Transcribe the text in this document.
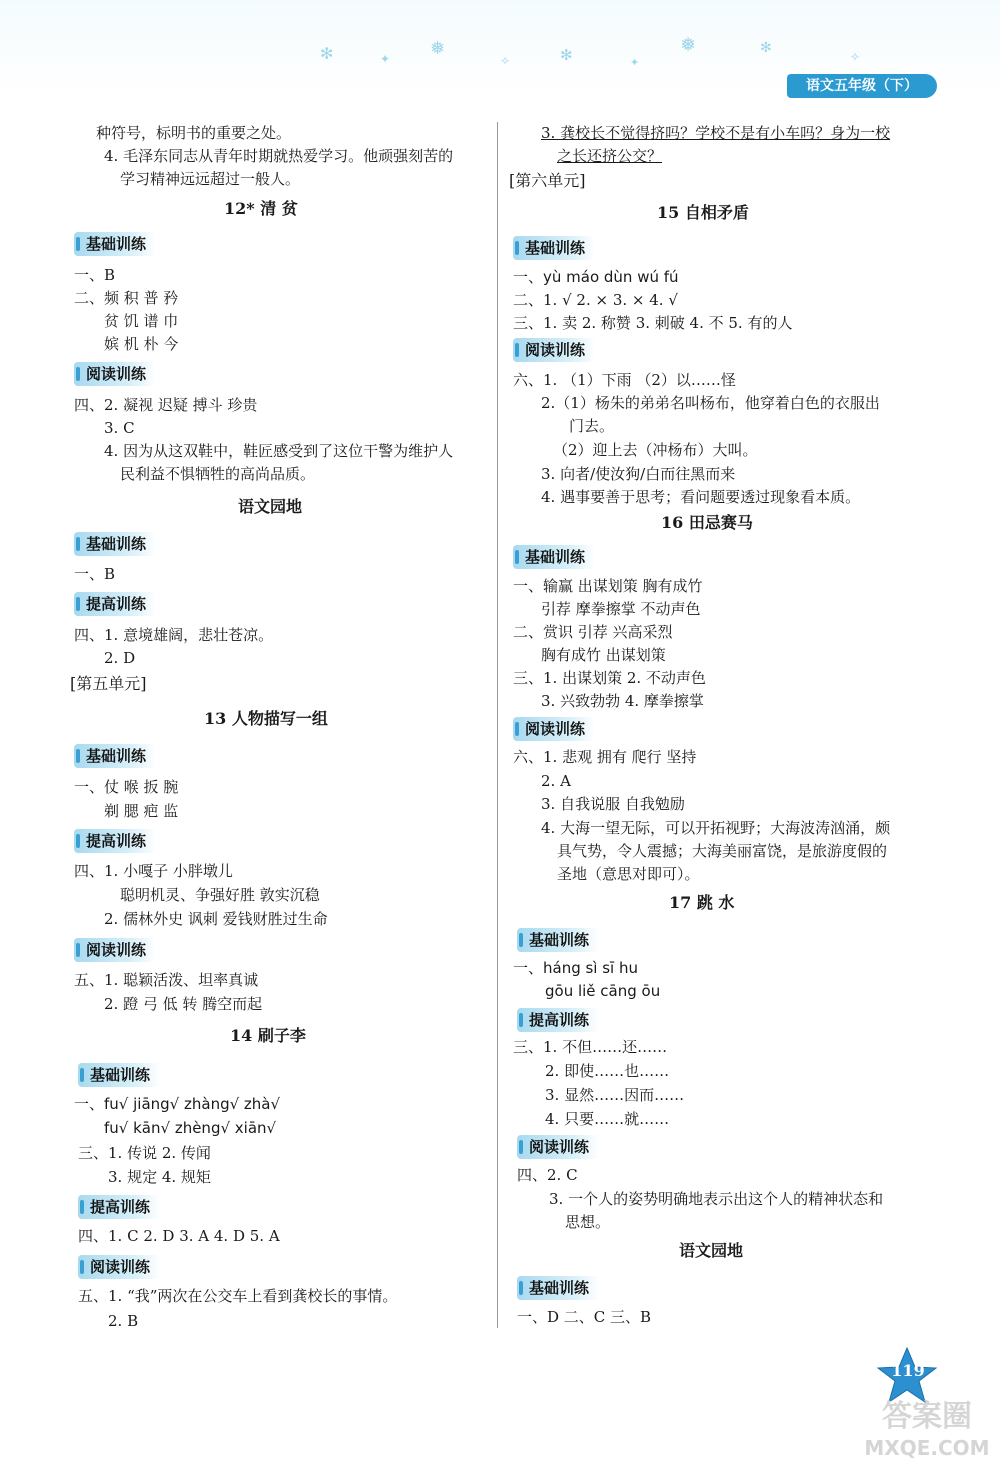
✻	✦ ❅
✧	✻	✦
❅	✻
✧
语文五年级（下）
种符号，标明书的重要之处。
4. 毛泽东同志从青年时期就热爱学习。他顽强刻苦的
学习精神远远超过一般人。
12* 清 贫
基础训练
一、B
二、频 积 普 矜
贫 饥 谱 巾
嫔 机 朴 今
阅读训练
四、2. 凝视 迟疑 搏斗 珍贵
3. C
4. 因为从这双鞋中，鞋匠感受到了这位干警为维护人
民利益不惧牺牲的高尚品质。
语文园地
基础训练
一、B
提高训练
四、1. 意境雄阔，悲壮苍凉。
2. D
[第五单元]
13 人物描写一组
基础训练
一、仗 喉 扳 腕
剃 腮 疤 监
提高训练
四、1. 小嘎子 小胖墩儿
聪明机灵、争强好胜 敦实沉稳
2. 儒林外史 讽刺 爱钱财胜过生命
阅读训练
五、1. 聪颖活泼、坦率真诚
2. 蹬 弓 低 转 腾空而起
14 刷子李
基础训练
一、fu√ jiāng√ zhàng√ zhà√
fu√ kān√ zhèng√ xiān√
三、1. 传说 2. 传闻
3. 规定 4. 规矩
提高训练
四、1. C 2. D 3. A 4. D 5. A
阅读训练
五、1. “我”两次在公交车上看到龚校长的事情。
2. B
3. 龚校长不觉得挤吗？学校不是有小车吗？身为一校
之长还挤公交？
[第六单元]
15 自相矛盾
基础训练
一、yù máo dùn wú fú
二、1. √ 2. × 3. × 4. √
三、1. 卖 2. 称赞 3. 刺破 4. 不 5. 有的人
阅读训练
六、1. （1）下雨 （2）以……怪
2.（1）杨朱的弟弟名叫杨布，他穿着白色的衣服出
门去。
（2）迎上去（冲杨布）大叫。
3. 向者/使汝狗/白而往黑而来
4. 遇事要善于思考；看问题要透过现象看本质。
16 田忌赛马
基础训练
一、输赢 出谋划策 胸有成竹
引荐 摩拳擦掌 不动声色
二、赏识 引荐 兴高采烈
胸有成竹 出谋划策
三、1. 出谋划策 2. 不动声色
3. 兴致勃勃 4. 摩拳擦掌
阅读训练
六、1. 悲观 拥有 爬行 坚持
2. A
3. 自我说服 自我勉励
4. 大海一望无际，可以开拓视野；大海波涛汹涌，颇
具气势，令人震撼；大海美丽富饶，是旅游度假的
圣地（意思对即可）。
17 跳 水
基础训练
一、háng sì sī hu
gōu liě cāng ōu
提高训练
三、1. 不但……还……
2. 即使……也……
3. 显然……因而……
4. 只要……就……
阅读训练
四、2. C
3. 一个人的姿势明确地表示出这个人的精神状态和
思想。
语文园地
基础训练
一、D 二、C 三、B
119
答案圈
MXQE.COM
